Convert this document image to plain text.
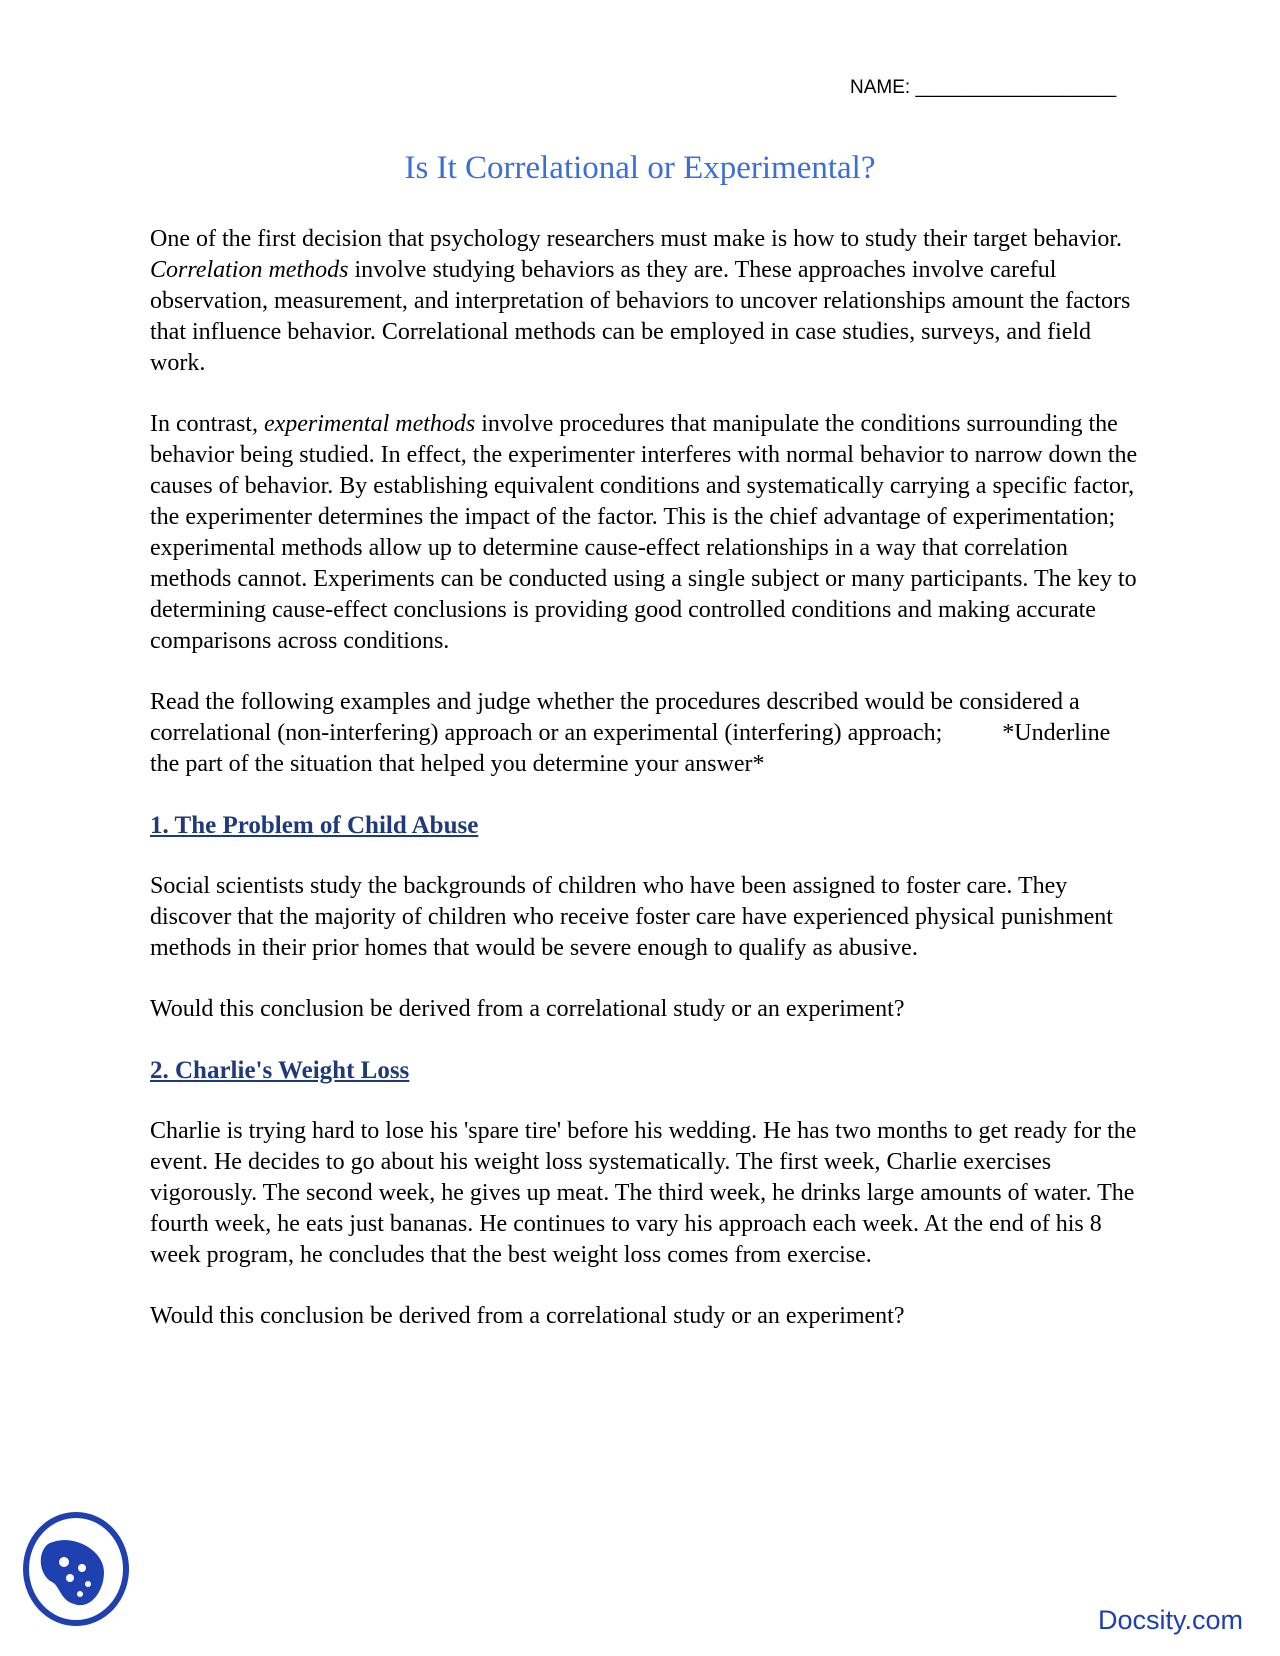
NAME: ___________________
Is It Correlational or Experimental?

One of the first decision that psychology researchers must make is how to study their target behavior. Correlation methods involve studying behaviors as they are. These approaches involve careful observation, measurement, and interpretation of behaviors to uncover relationships amount the factors that influence behavior. Correlational methods can be employed in case studies, surveys, and field work.

In contrast, experimental methods involve procedures that manipulate the conditions surrounding the behavior being studied. In effect, the experimenter interferes with normal behavior to narrow down the causes of behavior. By establishing equivalent conditions and systematically carrying a specific factor, the experimenter determines the impact of the factor. This is the chief advantage of experimentation; experimental methods allow up to determine cause-effect relationships in a way that correlation methods cannot. Experiments can be conducted using a single subject or many participants. The key to determining cause-effect conclusions is providing good controlled conditions and making accurate comparisons across conditions.

Read the following examples and judge whether the procedures described would be considered a correlational (non-interfering) approach or an experimental (interfering) approach;	*Underline the part of the situation that helped you determine your answer*

1. The Problem of Child Abuse

Social scientists study the backgrounds of children who have been assigned to foster care. They discover that the majority of children who receive foster care have experienced physical punishment methods in their prior homes that would be severe enough to qualify as abusive.

Would this conclusion be derived from a correlational study or an experiment?

2. Charlie's Weight Loss

Charlie is trying hard to lose his 'spare tire' before his wedding. He has two months to get ready for the event. He decides to go about his weight loss systematically. The first week, Charlie exercises vigorously. The second week, he gives up meat. The third week, he drinks large amounts of water. The fourth week, he eats just bananas. He continues to vary his approach each week. At the end of his 8 week program, he concludes that the best weight loss comes from exercise.

Would this conclusion be derived from a correlational study or an experiment?

Docsity.com
